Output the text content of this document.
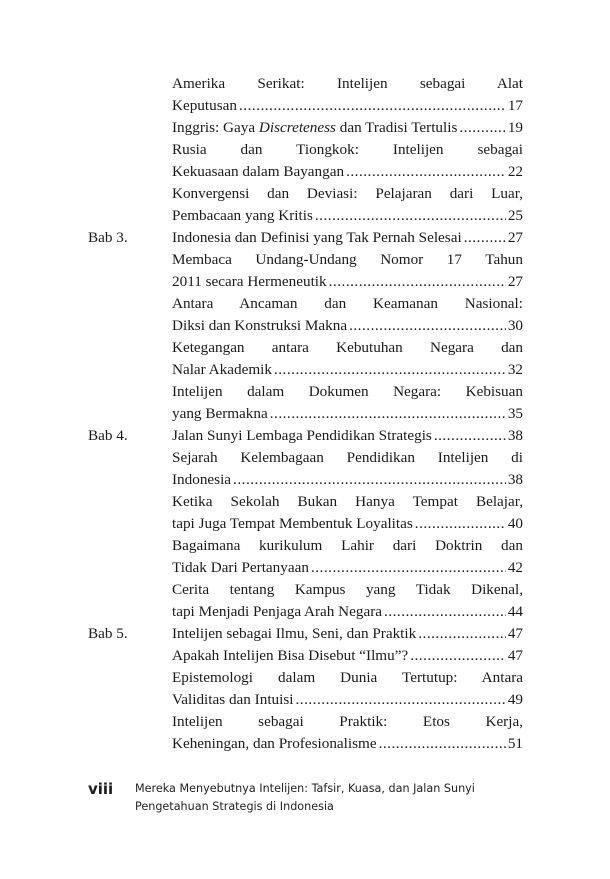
Amerika Serikat: Intelijen sebagai Alat
Keputusan .....	17
Inggris: Gaya Discreteness dan Tradisi Tertulis .....	19
Rusia dan Tiongkok: Intelijen sebagai
Kekuasaan dalam Bayangan .....	22
Konvergensi dan Deviasi: Pelajaran dari Luar,
Pembacaan yang Kritis .....	25
Bab 3.	Indonesia dan Definisi yang Tak Pernah Selesai .....	27
Membaca Undang-Undang Nomor 17 Tahun
2011 secara Hermeneutik .....	27
Antara Ancaman dan Keamanan Nasional:
Diksi dan Konstruksi Makna .....	30
Ketegangan antara Kebutuhan Negara dan
Nalar Akademik .....	32
Intelijen dalam Dokumen Negara: Kebisuan
yang Bermakna .....	35
Bab 4.	Jalan Sunyi Lembaga Pendidikan Strategis .....	38
Sejarah Kelembagaan Pendidikan Intelijen di
Indonesia .....	38
Ketika Sekolah Bukan Hanya Tempat Belajar,
tapi Juga Tempat Membentuk Loyalitas .....	40
Bagaimana kurikulum Lahir dari Doktrin dan
Tidak Dari Pertanyaan .....	42
Cerita tentang Kampus yang Tidak Dikenal,
tapi Menjadi Penjaga Arah Negara .....	44
Bab 5.	Intelijen sebagai Ilmu, Seni, dan Praktik .....	47
Apakah Intelijen Bisa Disebut “Ilmu”? .....	47
Epistemologi dalam Dunia Tertutup: Antara
Validitas dan Intuisi .....	49
Intelijen sebagai Praktik: Etos Kerja,
Keheningan, dan Profesionalisme .....	51
viii Mereka Menyebutnya Intelijen: Tafsir, Kuasa, dan Jalan Sunyi
Pengetahuan Strategis di Indonesia
